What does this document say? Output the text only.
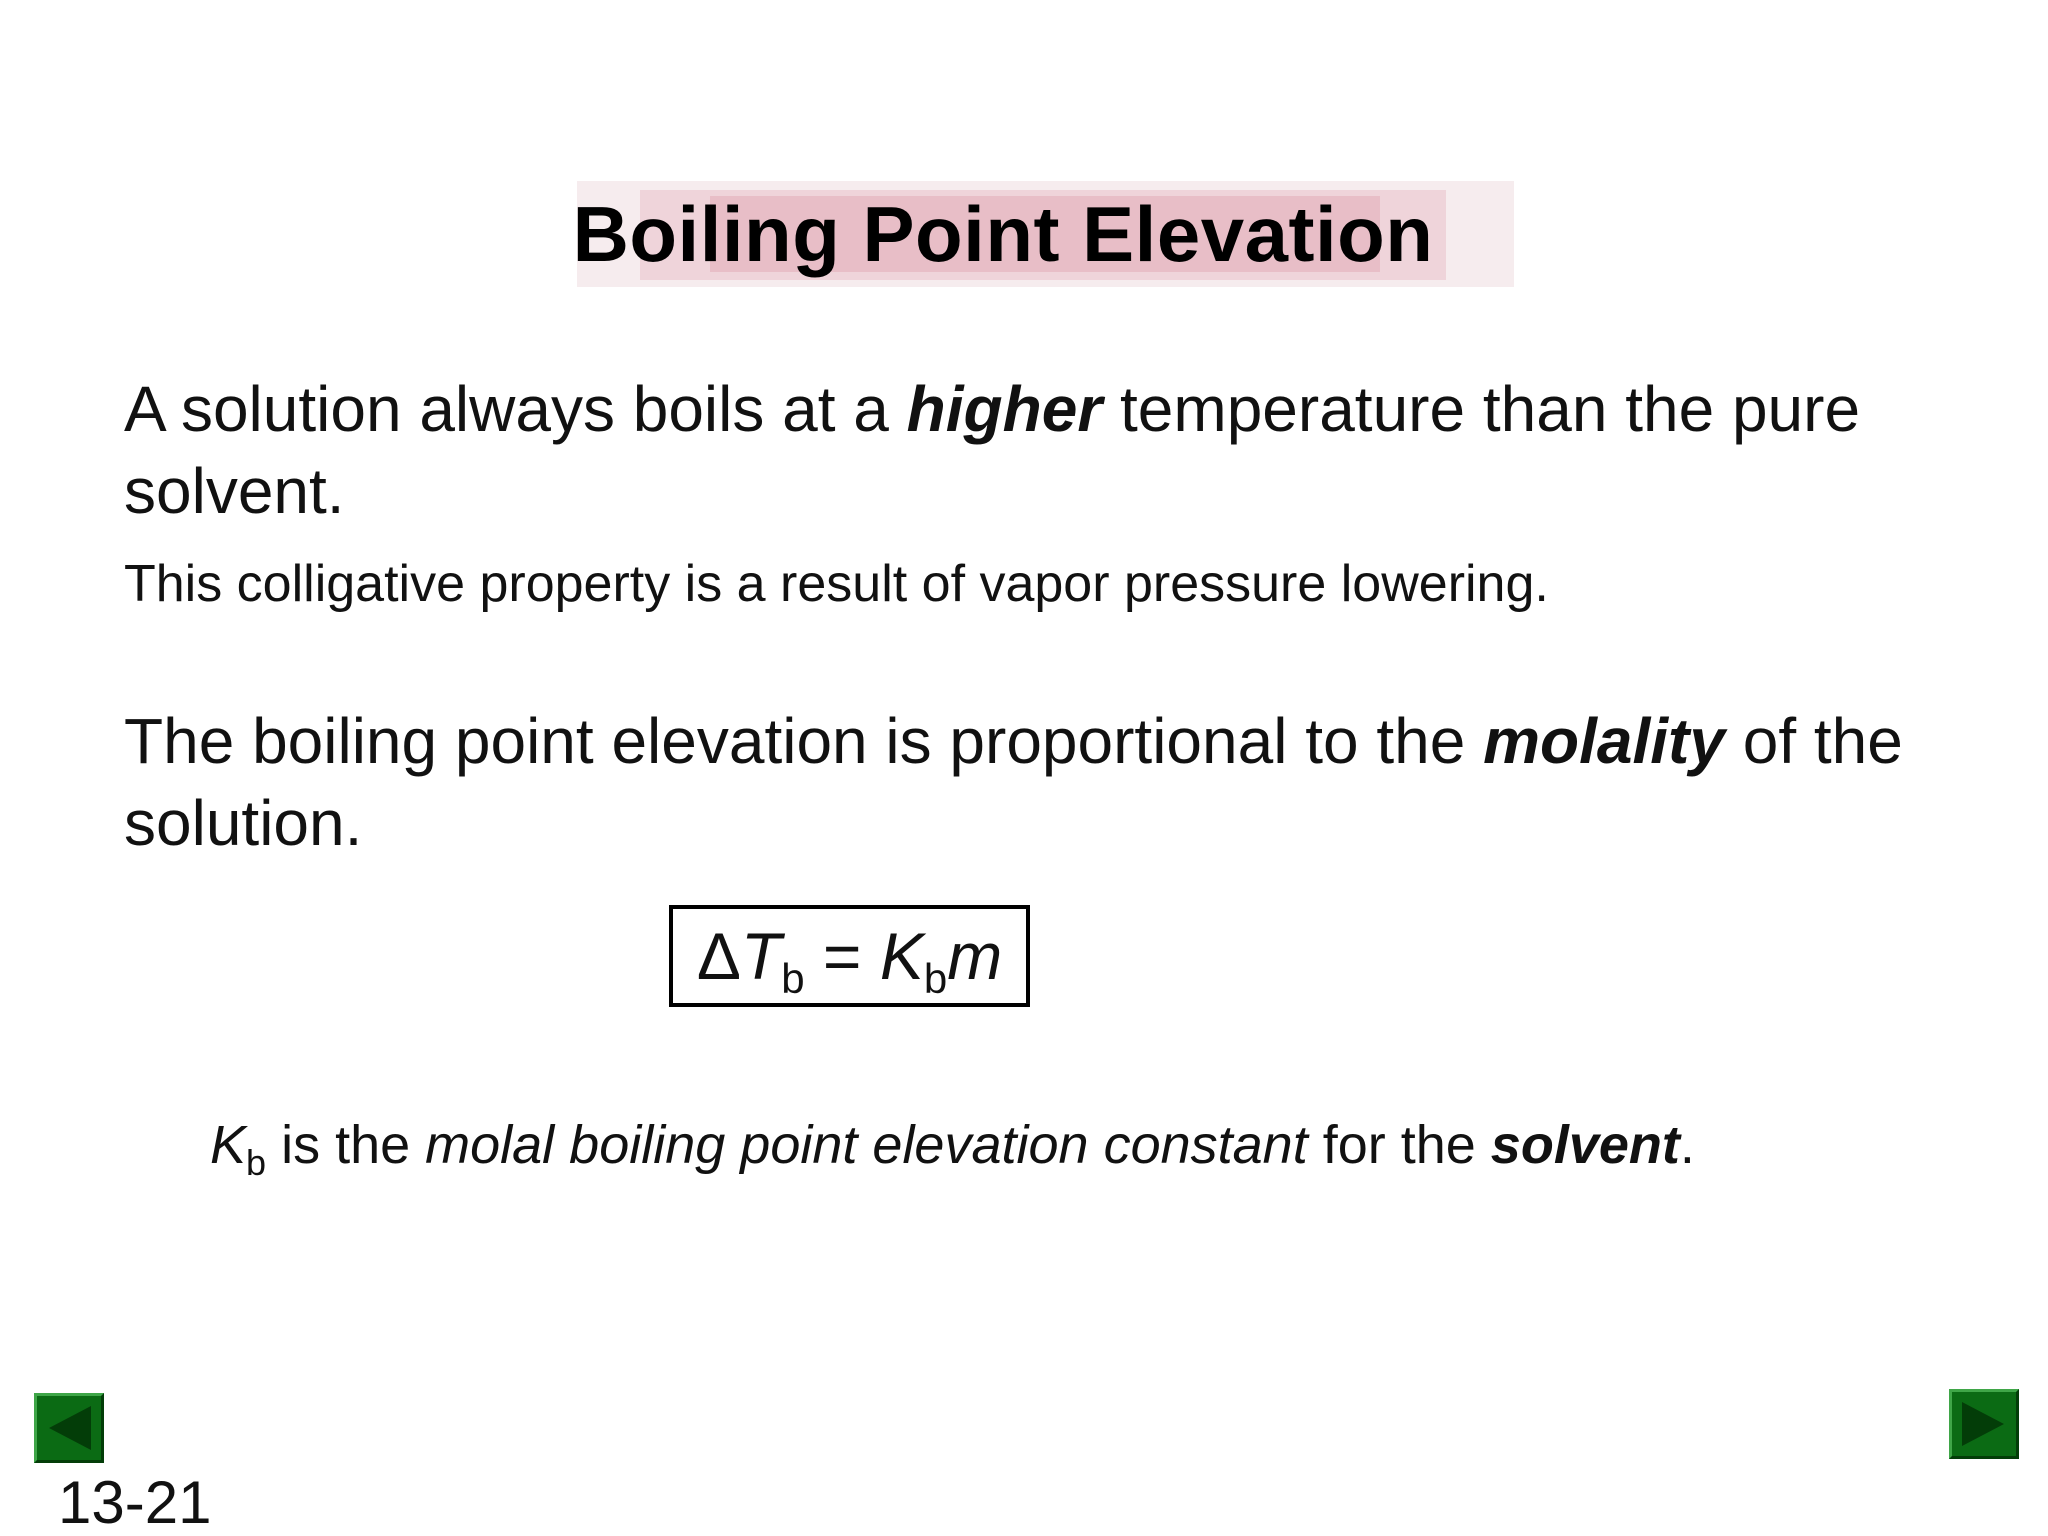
Boiling Point Elevation
A solution always boils at a higher temperature than the pure solvent.
This colligative property is a result of vapor pressure lowering.
The boiling point elevation is proportional to the molality of the solution.
$\Delta T_b = K_bm$
$K_b$ is the molal boiling point elevation constant for the solvent.
13-21
